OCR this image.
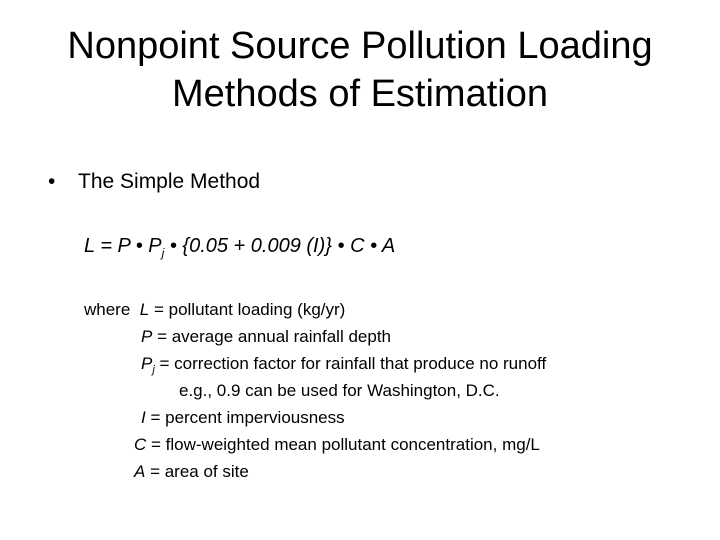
Nonpoint Source Pollution Loading
Methods of Estimation
• The Simple Method
L = P • $P_j$ • {0.05 + 0.009 (I)} • C • A
where L = pollutant loading (kg/yr)
P = average annual rainfall depth
$P_j$ = correction factor for rainfall that produce no runoff
e.g., 0.9 can be used for Washington, D.C.
I = percent imperviousness
C = flow-weighted mean pollutant concentration, mg/L
A = area of site
